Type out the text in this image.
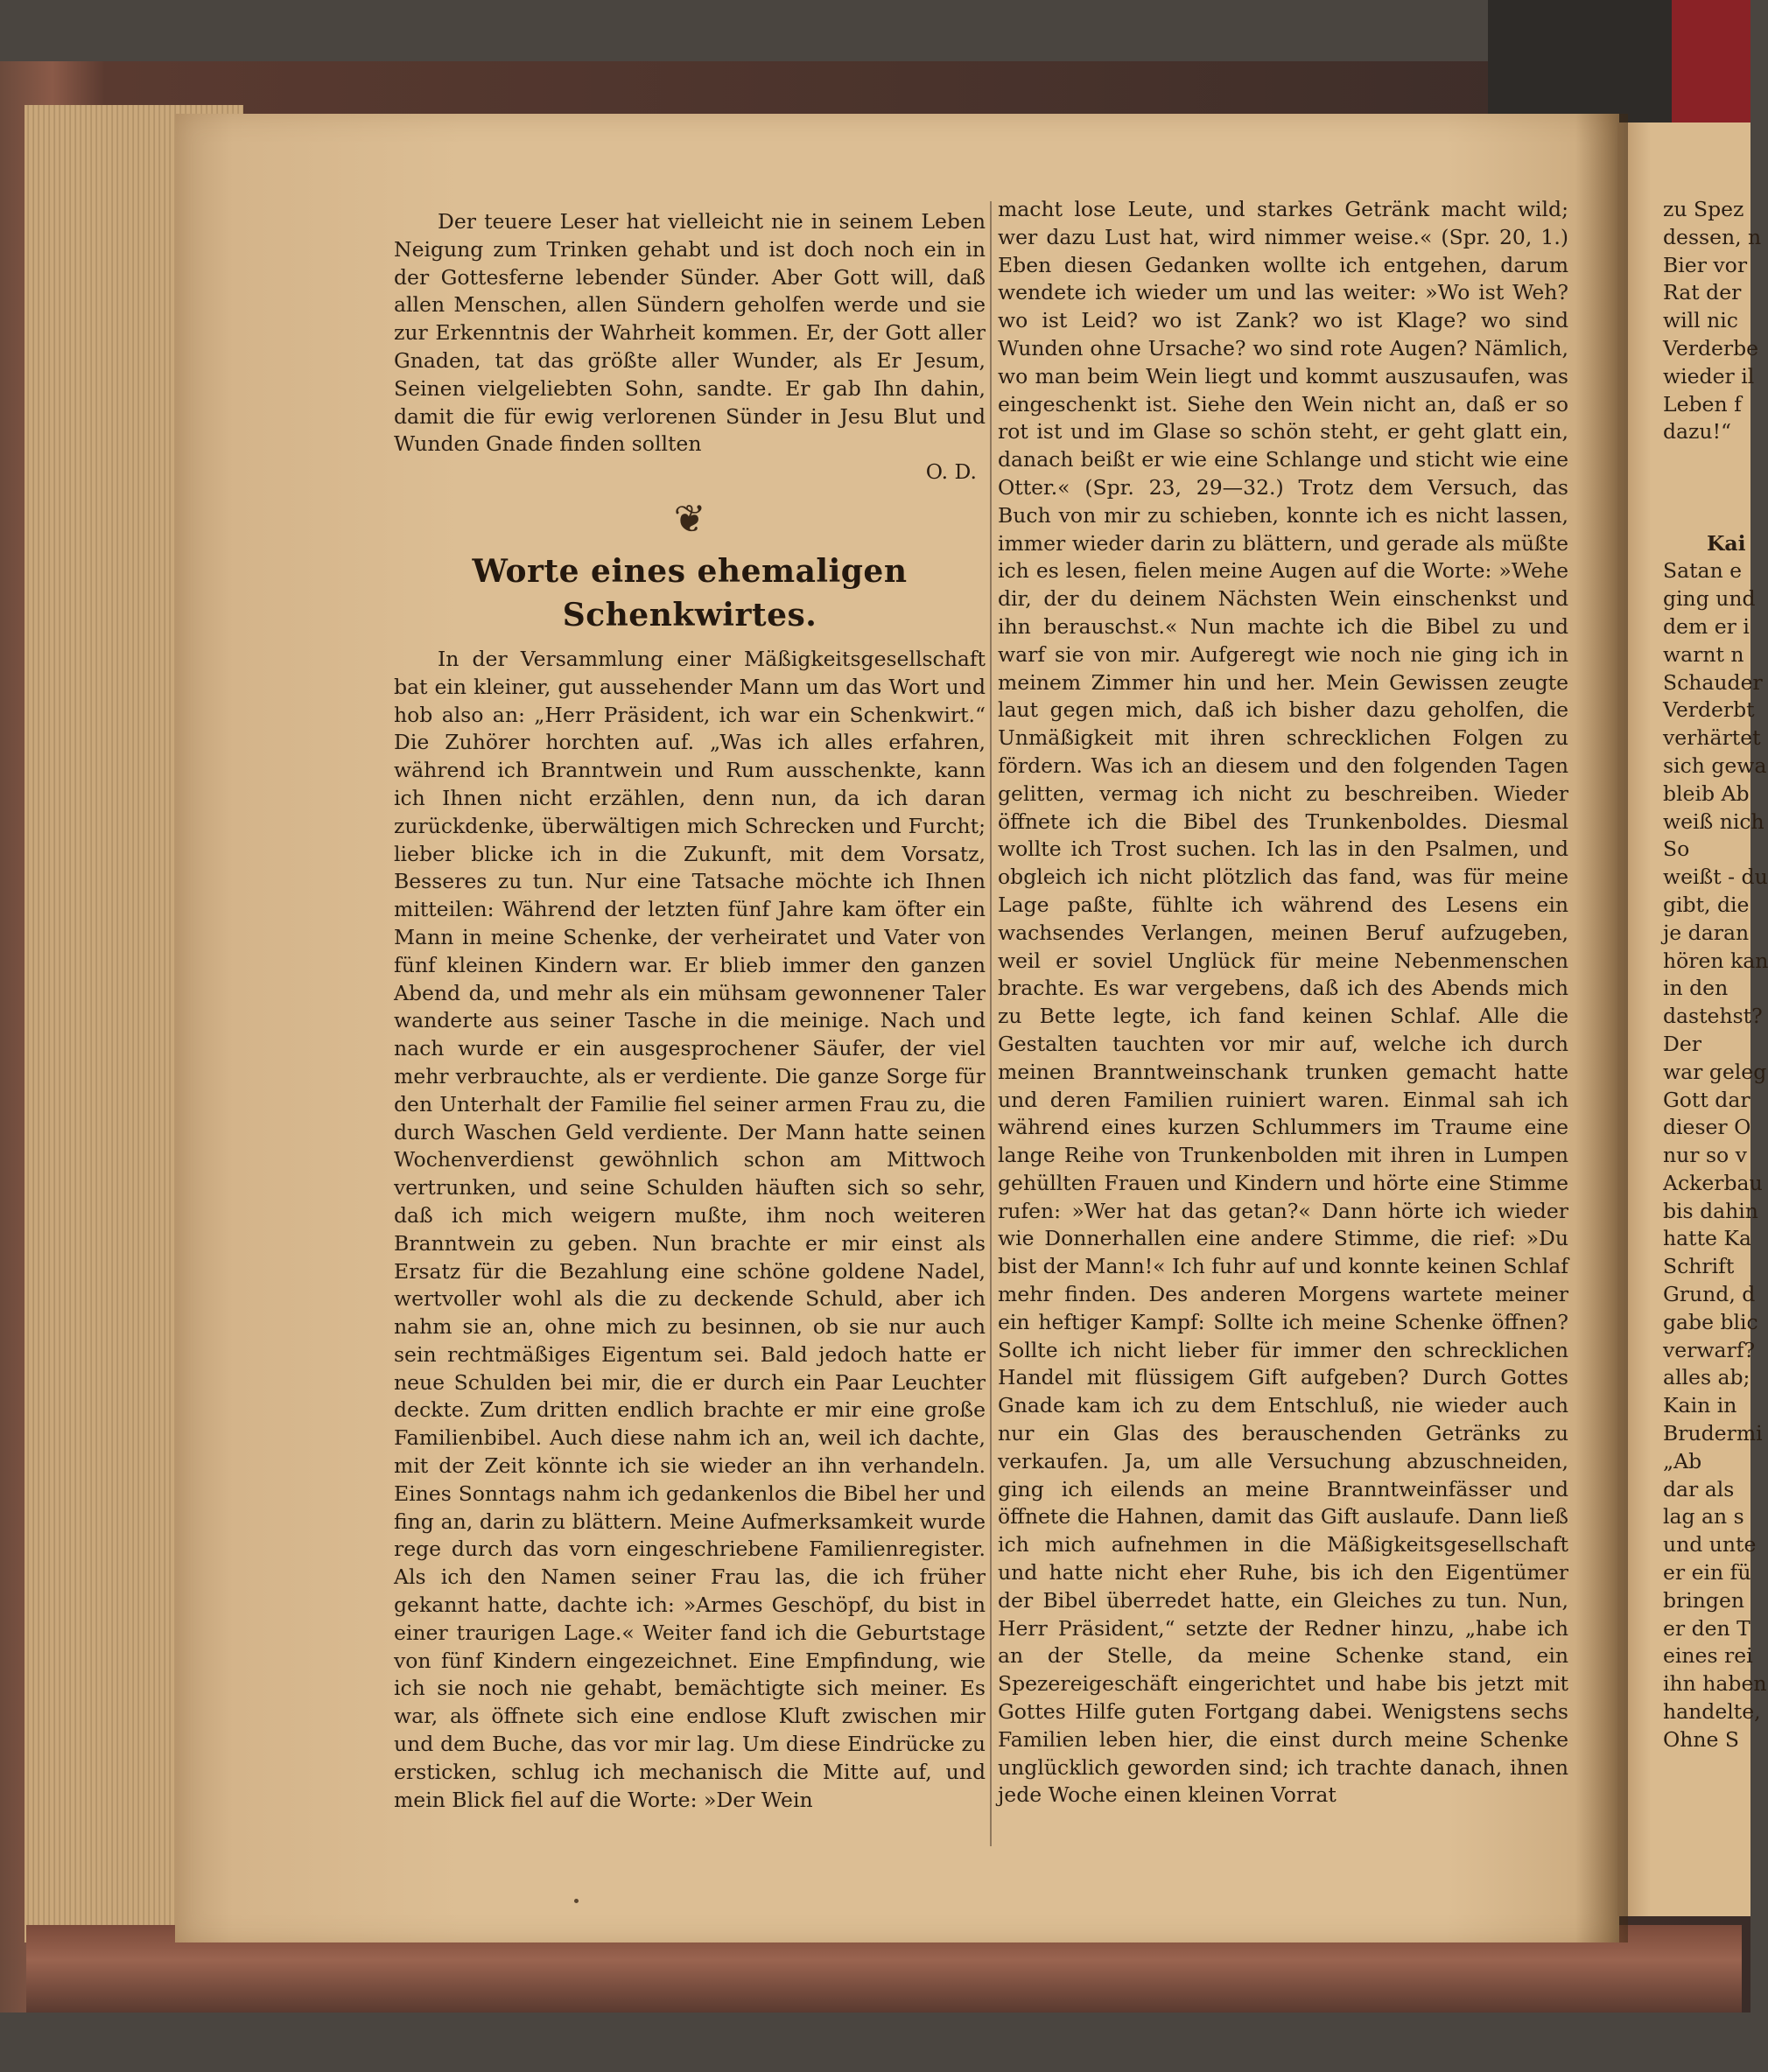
Der teuere Leser hat vielleicht nie in seinem Leben Neigung zum Trinken gehabt und ist doch noch ein in der Gottesferne lebender Sünder. Aber Gott will, daß allen Menschen, allen Sündern geholfen werde und sie zur Erkenntnis der Wahrheit kommen. Er, der Gott aller Gnaden, tat das größte aller Wunder, als Er Jesum, Seinen vielgeliebten Sohn, sandte. Er gab Ihn dahin, damit die für ewig verlorenen Sünder in Jesu Blut und Wunden Gnade finden sollten

O. D.

❦
Worte eines ehemaligen Schenkwirtes.

In der Versammlung einer Mäßigkeitsgesellschaft bat ein kleiner, gut aussehender Mann um das Wort und hob also an: „Herr Präsident, ich war ein Schenkwirt.“ Die Zuhörer horchten auf. „Was ich alles erfahren, während ich Branntwein und Rum ausschenkte, kann ich Ihnen nicht erzählen, denn nun, da ich daran zurückdenke, überwältigen mich Schrecken und Furcht; lieber blicke ich in die Zukunft, mit dem Vorsatz, Besseres zu tun. Nur eine Tatsache möchte ich Ihnen mitteilen: Während der letzten fünf Jahre kam öfter ein Mann in meine Schenke, der verheiratet und Vater von fünf kleinen Kindern war. Er blieb immer den ganzen Abend da, und mehr als ein mühsam gewonnener Taler wanderte aus seiner Tasche in die meinige. Nach und nach wurde er ein ausgesprochener Säufer, der viel mehr verbrauchte, als er verdiente. Die ganze Sorge für den Unterhalt der Familie fiel seiner armen Frau zu, die durch Waschen Geld verdiente. Der Mann hatte seinen Wochenverdienst gewöhnlich schon am Mittwoch vertrunken, und seine Schulden häuften sich so sehr, daß ich mich weigern mußte, ihm noch weiteren Branntwein zu geben. Nun brachte er mir einst als Ersatz für die Bezahlung eine schöne goldene Nadel, wertvoller wohl als die zu deckende Schuld, aber ich nahm sie an, ohne mich zu besinnen, ob sie nur auch sein rechtmäßiges Eigentum sei. Bald jedoch hatte er neue Schulden bei mir, die er durch ein Paar Leuchter deckte. Zum dritten endlich brachte er mir eine große Familienbibel. Auch diese nahm ich an, weil ich dachte, mit der Zeit könnte ich sie wieder an ihn verhandeln. Eines Sonntags nahm ich gedankenlos die Bibel her und fing an, darin zu blättern. Meine Aufmerksamkeit wurde rege durch das vorn eingeschriebene Familienregister. Als ich den Namen seiner Frau las, die ich früher gekannt hatte, dachte ich: »Armes Geschöpf, du bist in einer traurigen Lage.« Weiter fand ich die Geburtstage von fünf Kindern eingezeichnet. Eine Empfindung, wie ich sie noch nie gehabt, bemächtigte sich meiner. Es war, als öffnete sich eine endlose Kluft zwischen mir und dem Buche, das vor mir lag. Um diese Eindrücke zu ersticken, schlug ich mechanisch die Mitte auf, und mein Blick fiel auf die Worte: »Der Wein

macht lose Leute, und starkes Getränk macht wild; wer dazu Lust hat, wird nimmer weise.« (Spr. 20, 1.) Eben diesen Gedanken wollte ich entgehen, darum wendete ich wieder um und las weiter: »Wo ist Weh? wo ist Leid? wo ist Zank? wo ist Klage? wo sind Wunden ohne Ursache? wo sind rote Augen? Nämlich, wo man beim Wein liegt und kommt auszusaufen, was eingeschenkt ist. Siehe den Wein nicht an, daß er so rot ist und im Glase so schön steht, er geht glatt ein, danach beißt er wie eine Schlange und sticht wie eine Otter.« (Spr. 23, 29—32.) Trotz dem Versuch, das Buch von mir zu schieben, konnte ich es nicht lassen, immer wieder darin zu blättern, und gerade als müßte ich es lesen, fielen meine Augen auf die Worte: »Wehe dir, der du deinem Nächsten Wein einschenkst und ihn berauschst.« Nun machte ich die Bibel zu und warf sie von mir. Aufgeregt wie noch nie ging ich in meinem Zimmer hin und her. Mein Gewissen zeugte laut gegen mich, daß ich bisher dazu geholfen, die Unmäßigkeit mit ihren schrecklichen Folgen zu fördern. Was ich an diesem und den folgenden Tagen gelitten, vermag ich nicht zu beschreiben. Wieder öffnete ich die Bibel des Trunkenboldes. Diesmal wollte ich Trost suchen. Ich las in den Psalmen, und obgleich ich nicht plötzlich das fand, was für meine Lage paßte, fühlte ich während des Lesens ein wachsendes Verlangen, meinen Beruf aufzugeben, weil er soviel Unglück für meine Nebenmenschen brachte. Es war vergebens, daß ich des Abends mich zu Bette legte, ich fand keinen Schlaf. Alle die Gestalten tauchten vor mir auf, welche ich durch meinen Branntweinschank trunken gemacht hatte und deren Familien ruiniert waren. Einmal sah ich während eines kurzen Schlummers im Traume eine lange Reihe von Trunkenbolden mit ihren in Lumpen gehüllten Frauen und Kindern und hörte eine Stimme rufen: »Wer hat das getan?« Dann hörte ich wieder wie Donnerhallen eine andere Stimme, die rief: »Du bist der Mann!« Ich fuhr auf und konnte keinen Schlaf mehr finden. Des anderen Morgens wartete meiner ein heftiger Kampf: Sollte ich meine Schenke öffnen? Sollte ich nicht lieber für immer den schrecklichen Handel mit flüssigem Gift aufgeben? Durch Gottes Gnade kam ich zu dem Entschluß, nie wieder auch nur ein Glas des berauschenden Getränks zu verkaufen. Ja, um alle Versuchung abzuschneiden, ging ich eilends an meine Branntweinfässer und öffnete die Hahnen, damit das Gift auslaufe. Dann ließ ich mich aufnehmen in die Mäßigkeitsgesellschaft und hatte nicht eher Ruhe, bis ich den Eigentümer der Bibel überredet hatte, ein Gleiches zu tun. Nun, Herr Präsident,“ setzte der Redner hinzu, „habe ich an der Stelle, da meine Schenke stand, ein Spezereigeschäft eingerichtet und habe bis jetzt mit Gottes Hilfe guten Fortgang dabei. Wenigstens sechs Familien leben hier, die einst durch meine Schenke unglücklich geworden sind; ich trachte danach, ihnen jede Woche einen kleinen Vorrat

zu Spez
dessen, n
Bier vor
Rat der
will nic
Verderbe
wieder il
Leben f
dazu!“
Kai
Satan e
ging und
dem er i
warnt n
Schauder
Verderbt
verhärtet
sich gewa
bleib Ab
weiß nich
So
weißt - du
gibt, die
je daran
hören kan
in den
dastehst?
Der
war geleg
Gott dar
dieser O
nur so v
Ackerbau
bis dahin
hatte Ka
Schrift
Grund, d
gabe blic
verwarf?
alles ab;
Kain in
Brudermi
„Ab
dar als
lag an s
und unte
er ein fü
bringen
er den T
eines rei
ihn haben
handelte,
Ohne S
